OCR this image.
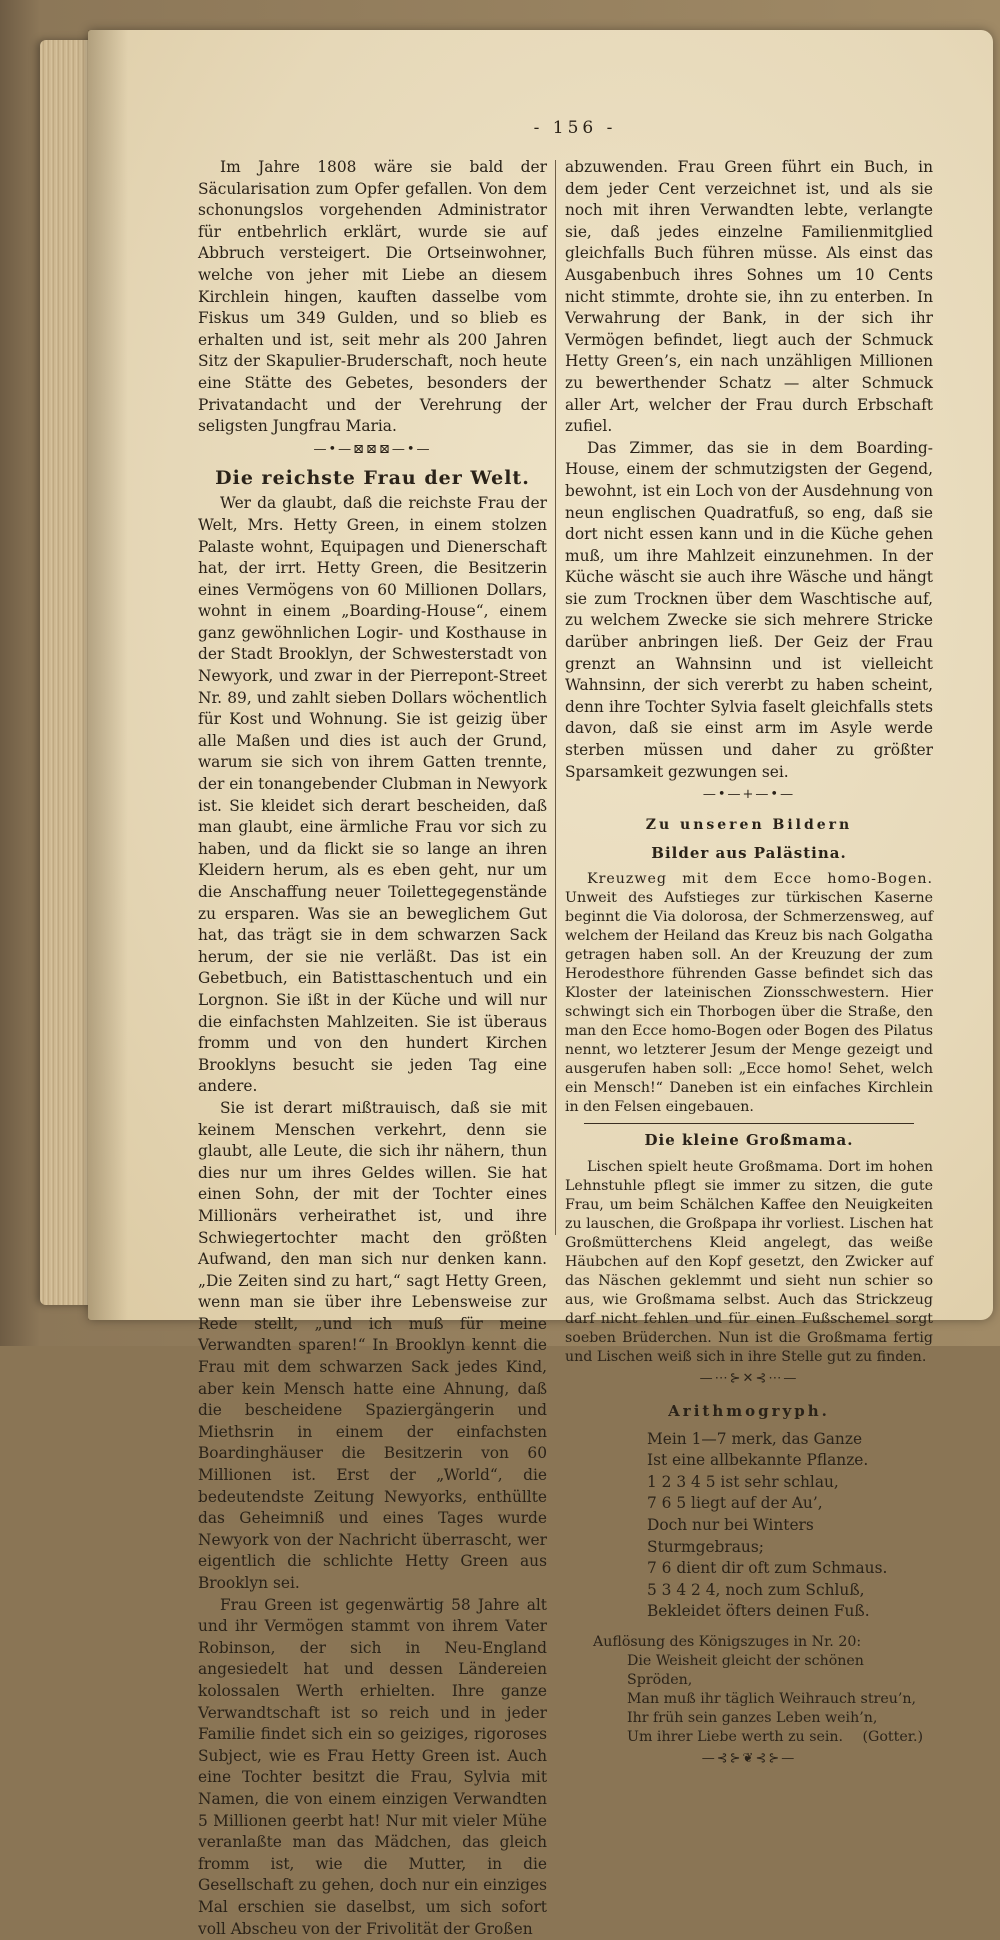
- 156 -

Im Jahre 1808 wäre sie bald der Säcularisation zum Opfer gefallen. Von dem schonungslos vorgehenden Administrator für entbehrlich erklärt, wurde sie auf Abbruch versteigert. Die Ortseinwohner, welche von jeher mit Liebe an diesem Kirchlein hingen, kauften dasselbe vom Fiskus um 349 Gulden, und so blieb es erhalten und ist, seit mehr als 200 Jahren Sitz der Skapulier-Bruderschaft, noch heute eine Stätte des Gebetes, besonders der Privatandacht und der Verehrung der seligsten Jungfrau Maria.

—•—⊠⊠⊠—•—
Die reichste Frau der Welt.

Wer da glaubt, daß die reichste Frau der Welt, Mrs. Hetty Green, in einem stolzen Palaste wohnt, Equipagen und Dienerschaft hat, der irrt. Hetty Green, die Besitzerin eines Vermögens von 60 Millionen Dollars, wohnt in einem „Boarding-House“, einem ganz gewöhnlichen Logir- und Kosthause in der Stadt Brooklyn, der Schwesterstadt von Newyork, und zwar in der Pierrepont-Street Nr. 89, und zahlt sieben Dollars wöchentlich für Kost und Wohnung. Sie ist geizig über alle Maßen und dies ist auch der Grund, warum sie sich von ihrem Gatten trennte, der ein tonangebender Clubman in Newyork ist. Sie kleidet sich derart bescheiden, daß man glaubt, eine ärmliche Frau vor sich zu haben, und da flickt sie so lange an ihren Kleidern herum, als es eben geht, nur um die Anschaffung neuer Toilettegegenstände zu ersparen. Was sie an beweglichem Gut hat, das trägt sie in dem schwarzen Sack herum, der sie nie verläßt. Das ist ein Gebetbuch, ein Batisttaschentuch und ein Lorgnon. Sie ißt in der Küche und will nur die einfachsten Mahlzeiten. Sie ist überaus fromm und von den hundert Kirchen Brooklyns besucht sie jeden Tag eine andere.

Sie ist derart mißtrauisch, daß sie mit keinem Menschen verkehrt, denn sie glaubt, alle Leute, die sich ihr nähern, thun dies nur um ihres Geldes willen. Sie hat einen Sohn, der mit der Tochter eines Millionärs verheirathet ist, und ihre Schwiegertochter macht den größten Aufwand, den man sich nur denken kann. „Die Zeiten sind zu hart,“ sagt Hetty Green, wenn man sie über ihre Lebensweise zur Rede stellt, „und ich muß für meine Verwandten sparen!“ In Brooklyn kennt die Frau mit dem schwarzen Sack jedes Kind, aber kein Mensch hatte eine Ahnung, daß die bescheidene Spaziergängerin und Miethsrin in einem der einfachsten Boardinghäuser die Besitzerin von 60 Millionen ist. Erst der „World“, die bedeutendste Zeitung Newyorks, enthüllte das Geheimniß und eines Tages wurde Newyork von der Nachricht überrascht, wer eigentlich die schlichte Hetty Green aus Brooklyn sei.

Frau Green ist gegenwärtig 58 Jahre alt und ihr Vermögen stammt von ihrem Vater Robinson, der sich in Neu-England angesiedelt hat und dessen Ländereien kolossalen Werth erhielten. Ihre ganze Verwandtschaft ist so reich und in jeder Familie findet sich ein so geiziges, rigoroses Subject, wie es Frau Hetty Green ist. Auch eine Tochter besitzt die Frau, Sylvia mit Namen, die von einem einzigen Verwandten 5 Millionen geerbt hat! Nur mit vieler Mühe veranlaßte man das Mädchen, das gleich fromm ist, wie die Mutter, in die Gesellschaft zu gehen, doch nur ein einziges Mal erschien sie daselbst, um sich sofort voll Abscheu von der Frivolität der Großen

abzuwenden. Frau Green führt ein Buch, in dem jeder Cent verzeichnet ist, und als sie noch mit ihren Verwandten lebte, verlangte sie, daß jedes einzelne Familienmitglied gleichfalls Buch führen müsse. Als einst das Ausgabenbuch ihres Sohnes um 10 Cents nicht stimmte, drohte sie, ihn zu enterben. In Verwahrung der Bank, in der sich ihr Vermögen befindet, liegt auch der Schmuck Hetty Green’s, ein nach unzähligen Millionen zu bewerthender Schatz — alter Schmuck aller Art, welcher der Frau durch Erbschaft zufiel.

Das Zimmer, das sie in dem Boarding-House, einem der schmutzigsten der Gegend, bewohnt, ist ein Loch von der Ausdehnung von neun englischen Quadratfuß, so eng, daß sie dort nicht essen kann und in die Küche gehen muß, um ihre Mahlzeit einzunehmen. In der Küche wäscht sie auch ihre Wäsche und hängt sie zum Trocknen über dem Waschtische auf, zu welchem Zwecke sie sich mehrere Stricke darüber anbringen ließ. Der Geiz der Frau grenzt an Wahnsinn und ist vielleicht Wahnsinn, der sich vererbt zu haben scheint, denn ihre Tochter Sylvia faselt gleichfalls stets davon, daß sie einst arm im Asyle werde sterben müssen und daher zu größter Sparsamkeit gezwungen sei.

—•—+—•—
Zu unseren Bildern
Bilder aus Palästina.

Kreuzweg mit dem Ecce homo-Bogen. Unweit des Aufstieges zur türkischen Kaserne beginnt die Via dolorosa, der Schmerzensweg, auf welchem der Heiland das Kreuz bis nach Golgatha getragen haben soll. An der Kreuzung der zum Herodesthore führenden Gasse befindet sich das Kloster der lateinischen Zionsschwestern. Hier schwingt sich ein Thorbogen über die Straße, den man den Ecce homo-Bogen oder Bogen des Pilatus nennt, wo letzterer Jesum der Menge gezeigt und ausgerufen haben soll: „Ecce homo! Sehet, welch ein Mensch!“ Daneben ist ein einfaches Kirchlein in den Felsen eingebauen.

Die kleine Großmama.

Lischen spielt heute Großmama. Dort im hohen Lehnstuhle pflegt sie immer zu sitzen, die gute Frau, um beim Schälchen Kaffee den Neuigkeiten zu lauschen, die Großpapa ihr vorliest. Lischen hat Großmütterchens Kleid angelegt, das weiße Häubchen auf den Kopf gesetzt, den Zwicker auf das Näschen geklemmt und sieht nun schier so aus, wie Großmama selbst. Auch das Strickzeug darf nicht fehlen und für einen Fußschemel sorgt soeben Brüderchen. Nun ist die Großmama fertig und Lischen weiß sich in ihre Stelle gut zu finden.

—⋯⊱✕⊰⋯—
Arithmogryph.

Mein 1—7 merk, das Ganze

Ist eine allbekannte Pflanze.

1 2 3 4 5 ist sehr schlau,

7 6 5 liegt auf der Au’,

Doch nur bei Winters Sturmgebraus;

7 6 dient dir oft zum Schmaus.

5 3 4 2 4, noch zum Schluß,

Bekleidet öfters deinen Fuß.

Auflösung des Königszuges in Nr. 20:

Die Weisheit gleicht der schönen Spröden,

Man muß ihr täglich Weihrauch streu’n,

Ihr früh sein ganzes Leben weih’n,

Um ihrer Liebe werth zu sein. (Gotter.)

—⊰⊱❦⊰⊱—
